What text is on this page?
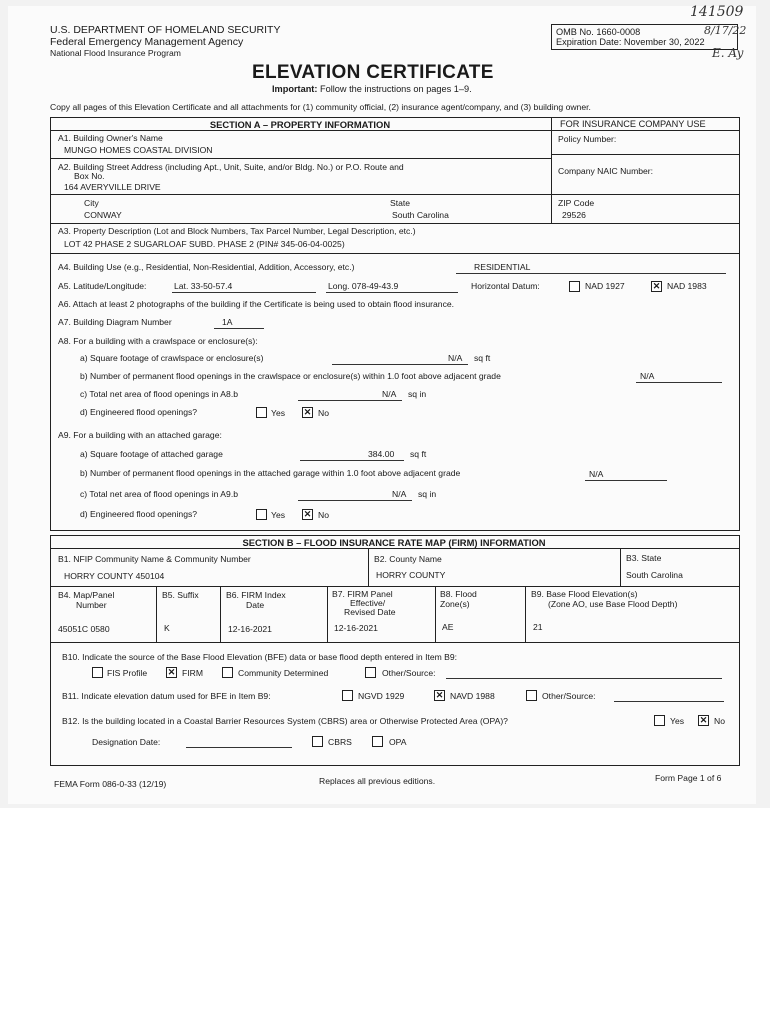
U.S. DEPARTMENT OF HOMELAND SECURITY
Federal Emergency Management Agency
National Flood Insurance Program
OMB No. 1660-0008
Expiration Date: November 30, 2022
141509
8/17/22
E. Ay
ELEVATION CERTIFICATE
Important: Follow the instructions on pages 1–9.
Copy all pages of this Elevation Certificate and all attachments for (1) community official, (2) insurance agent/company, and (3) building owner.
SECTION A – PROPERTY INFORMATION	FOR INSURANCE COMPANY USE
A1. Building Owner's Name
MUNGO HOMES COASTAL DIVISION
Policy Number:
A2. Building Street Address (including Apt., Unit, Suite, and/or Bldg. No.) or P.O. Route and
Box No.
164 AVERYVILLE DRIVE
Company NAIC Number:
City
CONWAY
State
South Carolina
ZIP Code
29526
A3. Property Description (Lot and Block Numbers, Tax Parcel Number, Legal Description, etc.)
LOT 42 PHASE 2 SUGARLOAF SUBD. PHASE 2 (PIN# 345-06-04-0025)
A4. Building Use (e.g., Residential, Non-Residential, Addition, Accessory, etc.)	RESIDENTIAL
A5. Latitude/Longitude:	Lat. 33-50-57.4	Long. 078-49-43.9	Horizontal Datum:	NAD 1927	✕ NAD 1983
A6. Attach at least 2 photographs of the building if the Certificate is being used to obtain flood insurance.
A7. Building Diagram Number	1A
A8. For a building with a crawlspace or enclosure(s):
a) Square footage of crawlspace or enclosure(s)	N/A sq ft
b) Number of permanent flood openings in the crawlspace or enclosure(s) within 1.0 foot above adjacent grade	N/A
c) Total net area of flood openings in A8.b	N/A sq in
d) Engineered flood openings?	Yes ✕ No
A9. For a building with an attached garage:
a) Square footage of attached garage	384.00 sq ft
b) Number of permanent flood openings in the attached garage within 1.0 foot above adjacent grade	N/A
c) Total net area of flood openings in A9.b	N/A sq in
d) Engineered flood openings?	Yes ✕ No
SECTION B – FLOOD INSURANCE RATE MAP (FIRM) INFORMATION
B1. NFIP Community Name & Community Number
HORRY COUNTY 450104
B2. County Name
HORRY COUNTY
B3. State
South Carolina
B4. Map/Panel
Number
45051C 0580
B5. Suffix
K
B6. FIRM Index
Date
12-16-2021
B7. FIRM Panel
Effective/
Revised Date
12-16-2021
B8. Flood
Zone(s)
AE
B9. Base Flood Elevation(s)
(Zone AO, use Base Flood Depth)
21
B10. Indicate the source of the Base Flood Elevation (BFE) data or base flood depth entered in Item B9:
FIS Profile ✕ FIRM	Community Determined	Other/Source:
B11. Indicate elevation datum used for BFE in Item B9:	NGVD 1929	✕ NAVD 1988	Other/Source:
B12. Is the building located in a Coastal Barrier Resources System (CBRS) area or Otherwise Protected Area (OPA)?	Yes ✕ No
Designation Date:	CBRS	OPA
FEMA Form 086-0-33 (12/19)	Replaces all previous editions.	Form Page 1 of 6
